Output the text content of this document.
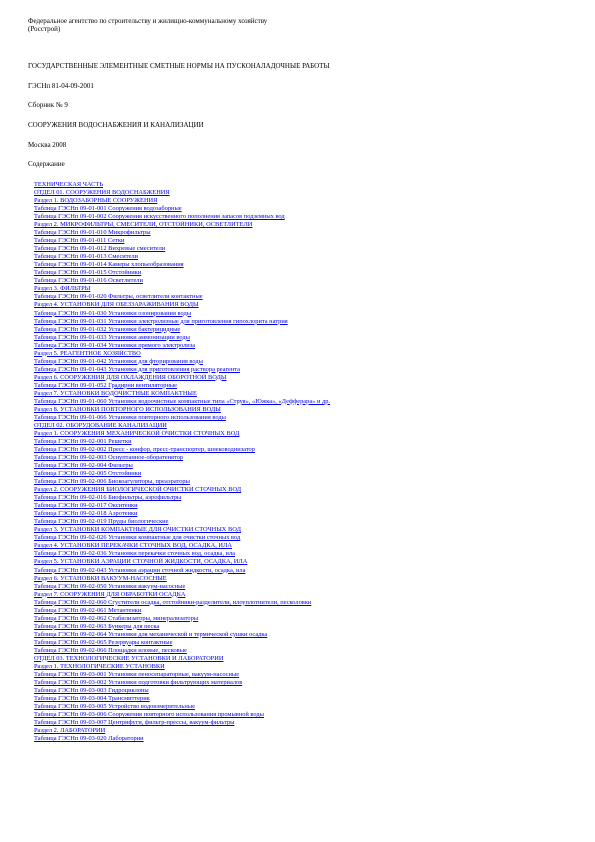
Федеральное агентство по строительству и жилищно-коммунальному хозяйству
(Росстрой)
ГОСУДАРСТВЕННЫЕ ЭЛЕМЕНТНЫЕ СМЕТНЫЕ НОРМЫ НА ПУСКОНАЛАДОЧНЫЕ РАБОТЫ
ГЭСНп 81-04-09-2001
Сборник № 9
СООРУЖЕНИЯ ВОДОСНАБЖЕНИЯ И КАНАЛИЗАЦИИ
Москва 2008
Содержание
ТЕХНИЧЕСКАЯ ЧАСТЬ
ОТДЕЛ 01. СООРУЖЕНИЯ ВОДОСНАБЖЕНИЯ
Раздел 1. ВОДОЗАБОРНЫЕ СООРУЖЕНИЯ
Таблица ГЭСНп 09-01-001 Сооружения водозаборные
Таблица ГЭСНп 09-01-002 Сооружения искусственного пополнения запасов подземных вод
Раздел 2. МИКРОФИЛЬТРЫ, СМЕСИТЕЛИ, ОТСТОЙНИКИ, ОСВЕТЛИТЕЛИ
Таблица ГЭСНп 09-01-010 Микрофильтры
Таблица ГЭСНп 09-01-011 Сетки
Таблица ГЭСНп 09-01-012 Вихревые смесители
Таблица ГЭСНп 09-01-013 Смесители
Таблица ГЭСНп 09-01-014 Камеры хлопьеобразования
Таблица ГЭСНп 09-01-015 Отстойники
Таблица ГЭСНп 09-01-016 Осветлители
Раздел 3. ФИЛЬТРЫ
Таблица ГЭСНп 09-01-020 Фильтры, осветлители контактные
Раздел 4. УСТАНОВКИ ДЛЯ ОБЕЗЗАРАЖИВАНИЯ ВОДЫ
Таблица ГЭСНп 09-01-030 Установки озонирования воды
Таблица ГЭСНп 09-01-031 Установки электролизные для приготовления гипохлорита натрия
Таблица ГЭСНп 09-01-032 Установки бактерицидные
Таблица ГЭСНп 09-01-033 Установки аммонизации воды
Таблица ГЭСНп 09-01-034 Установки прямого электролиза
Раздел 5. РЕАГЕНТНОЕ ХОЗЯЙСТВО
Таблица ГЭСНп 09-01-042 Установки для фторирования воды
Таблица ГЭСНп 09-01-043 Установки для приготовления раствора реагента
Раздел 6. СООРУЖЕНИЯ ДЛЯ ОХЛАЖДЕНИЯ ОБОРОТНОЙ ВОДЫ
Таблица ГЭСНп 09-01-052 Градирни вентиляторные
Раздел 7. УСТАНОВКИ ВОДОЧИСТНЫЕ КОМПАКТНЫЕ
Таблица ГЭСНп 09-01-060 Установки водоочистные компактные типа «Струя», «Южка», «Дефферара» и др.
Раздел 8. УСТАНОВКИ ПОВТОРНОГО ИСПОЛЬЗОВАНИЯ ВОДЫ
Таблица ГЭСНп 09-01-066 Установки повторного использования воды
ОТДЕЛ 02. ОБОРУДОВАНИЕ КАНАЛИЗАЦИИ
Раздел 1. СООРУЖЕНИЯ МЕХАНИЧЕСКОЙ ОЧИСТКИ СТОЧНЫХ ВОД
Таблица ГЭСНп 09-02-001 Решетки
Таблица ГЭСНп 09-02-002 Пресс - конфор, пресс-транспортер, шнеководнизатор
Таблица ГЭСНп 09-02-003 Оснуптанное-оборатенятор
Таблица ГЭСНп 09-02-004 Фильтры
Таблица ГЭСНп 09-02-005 Отстойники
Таблица ГЭСНп 09-02-006 Биокоагуляторы, преаэраторы
Раздел 2. СООРУЖЕНИЯ БИОЛОГИЧЕСКОЙ ОЧИСТКИ СТОЧНЫХ ВОД
Таблица ГЭСНп 09-02-016 Биофильтры, аэрофильтры
Таблица ГЭСНп 09-02-017 Окситенки
Таблица ГЭСНп 09-02-018 Аэротенки
Таблица ГЭСНп 09-02-019 Пруды биологические
Раздел 3. УСТАНОВКИ КОМПАКТНЫЕ ДЛЯ ОЧИСТКИ СТОЧНЫХ ВОД
Таблица ГЭСНп 09-02-026 Установки компактные для очистки сточных вод
Раздел 4. УСТАНОВКИ ПЕРЕКАЧКИ СТОЧНЫХ ВОД, ОСАДКА, ИЛА
Таблица ГЭСНп 09-02-036 Установки перекачки сточных вод, осадка, ила
Раздел 5. УСТАНОВКИ АЭРАЦИИ СТОЧНОЙ ЖИДКОСТИ, ОСАДКА, ИЛА
Таблица ГЭСНп 09-02-043 Установки аэрации сточной жидкости, осадка, ила
Раздел 6. УСТАНОВКИ ВАКУУМ-НАСОСНЫЕ
Таблица ГЭСНп 09-02-050 Установки вакуум-насосные
Раздел 7. СООРУЖЕНИЯ ДЛЯ ОБРАБОТКИ ОСАДКА
Таблица ГЭСНп 09-02-060 Сгустители осадка, отстойники-разделители, илоуплотнители, песколовки
Таблица ГЭСНп 09-02-061 Метантенки
Таблица ГЭСНп 09-02-062 Стабилизаторы, минерализаторы
Таблица ГЭСНп 09-02-063 Бункеры для песка
Таблица ГЭСНп 09-02-064 Установки для механической и термической сушки осадка
Таблица ГЭСНп 09-02-065 Резервуары контактные
Таблица ГЭСНп 09-02-066 Площадки иловые, песковые
ОТДЕЛ 03. ТЕХНОЛОГИЧЕСКИЕ УСТАНОВКИ И ЛАБОРАТОРИИ
Раздел 1. ТЕХНОЛОГИЧЕСКИЕ УСТАНОВКИ
Таблица ГЭСНп 09-03-001 Установки пеносепараторные, вакуум-насосные
Таблица ГЭСНп 09-03-002 Установки подготовки фильтрующих материалов
Таблица ГЭСНп 09-03-003 Гидроциклоны
Таблица ГЭСНп 09-03-004 Трансмиттерик
Таблица ГЭСНп 09-03-005 Устройство водоизмерительные
Таблица ГЭСНп 09-03-006 Сооружения повторного использования промывной воды
Таблица ГЭСНп 09-03-007 Центрифуги, фильтр-прессы, вакуум-фильтры
Раздел 2. ЛАБОРАТОРИИ
Таблица ГЭСНп 09-03-020 Лаборатории
